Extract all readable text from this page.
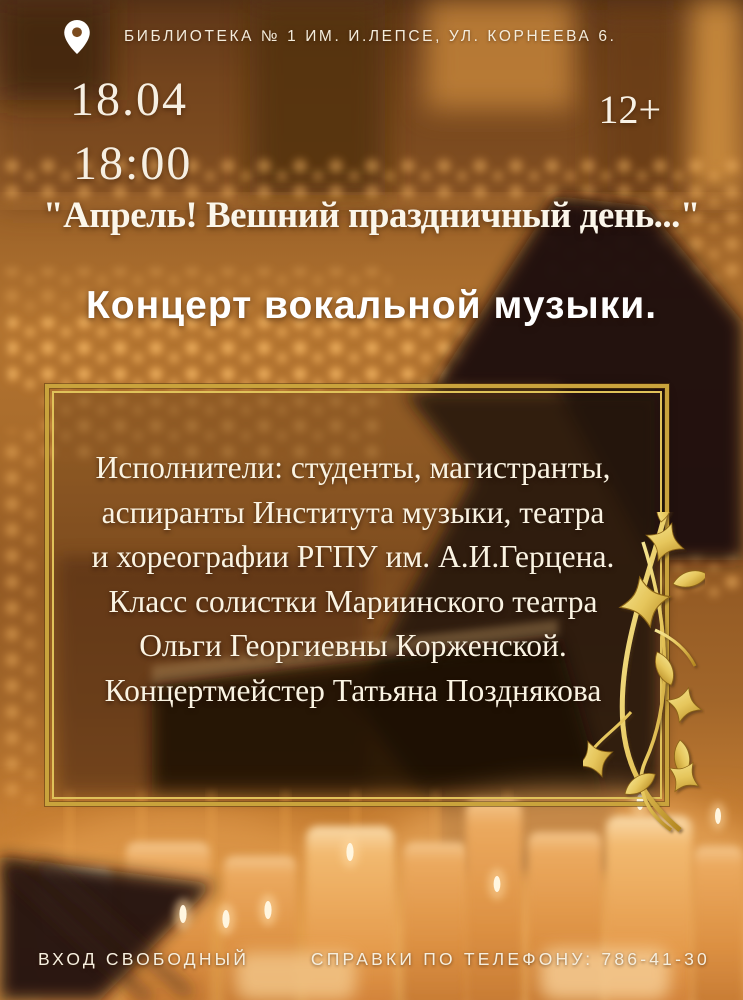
БИБЛИОТЕКА № 1 ИМ. И.ЛЕПСЕ, УЛ. КОРНЕЕВА 6.
18.04
18:00
12+
"Апрель! Вешний праздничный день..."
Концерт вокальной музыки.
Исполнители: студенты, магистранты,
аспиранты Института музыки, театра
и хореографии РГПУ им. А.И.Герцена.
Класс солистки Мариинского театра
Ольги Георгиевны Корженской.
Концертмейстер Татьяна Позднякова
ВХОД СВОБОДНЫЙ	СПРАВКИ ПО ТЕЛЕФОНУ: 786-41-30
